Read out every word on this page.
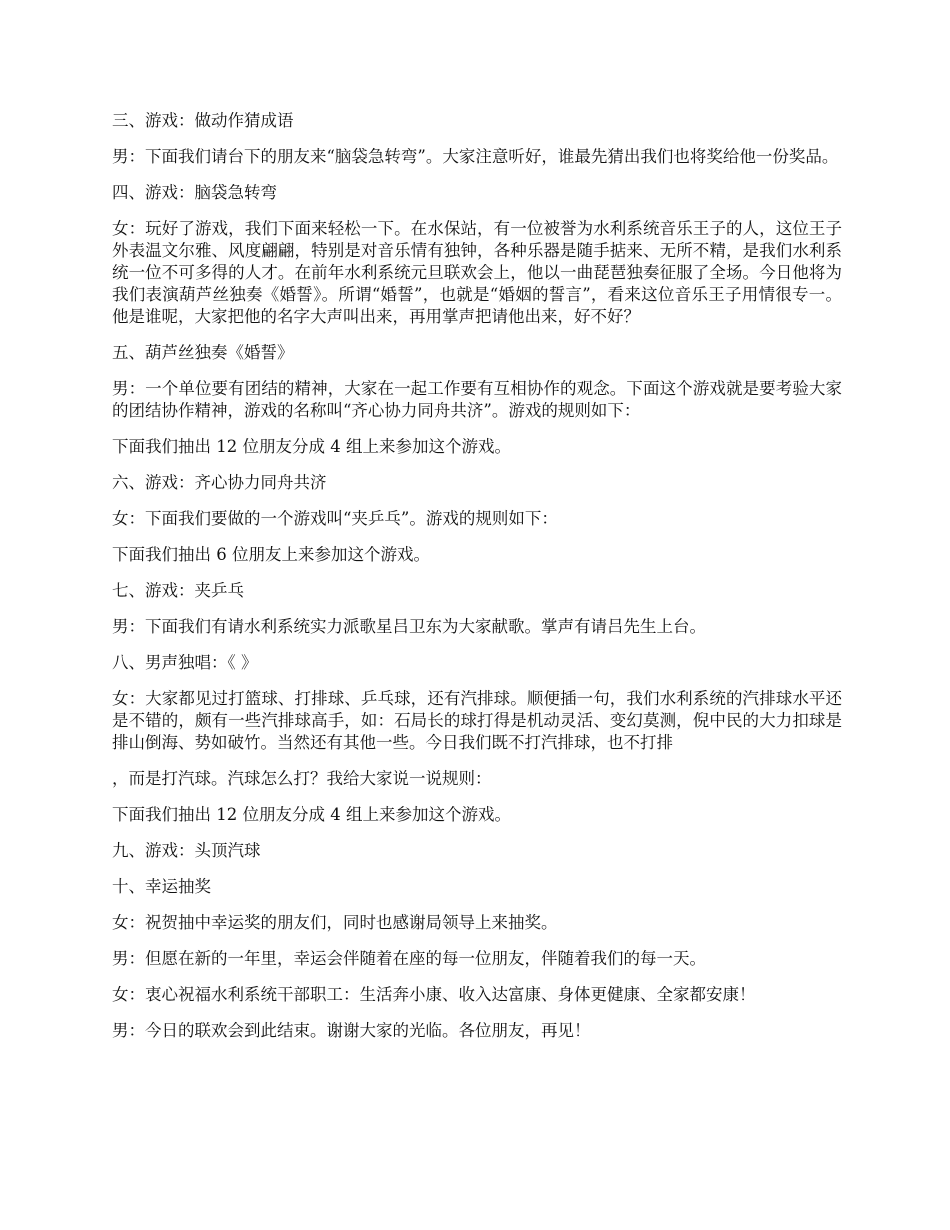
三、游戏：做动作猜成语

男：下面我们请台下的朋友来“脑袋急转弯”。大家注意听好，谁最先猜出我们也将奖给他一份奖品。

四、游戏：脑袋急转弯

女：玩好了游戏，我们下面来轻松一下。在水保站，有一位被誉为水利系统音乐王子的人，这位王子外表温文尔雅、风度翩翩，特别是对音乐情有独钟，各种乐器是随手掂来、无所不精，是我们水利系统一位不可多得的人才。在前年水利系统元旦联欢会上，他以一曲琵琶独奏征服了全场。今日他将为我们表演葫芦丝独奏《婚誓》。所谓“婚誓”，也就是“婚姻的誓言”，看来这位音乐王子用情很专一。他是谁呢，大家把他的名字大声叫出来，再用掌声把请他出来，好不好？

五、葫芦丝独奏《婚誓》

男：一个单位要有团结的精神，大家在一起工作要有互相协作的观念。下面这个游戏就是要考验大家的团结协作精神，游戏的名称叫“齐心协力同舟共济”。游戏的规则如下：

下面我们抽出 12 位朋友分成 4 组上来参加这个游戏。

六、游戏：齐心协力同舟共济

女：下面我们要做的一个游戏叫“夹乒乓”。游戏的规则如下：

下面我们抽出 6 位朋友上来参加这个游戏。

七、游戏：夹乒乓

男：下面我们有请水利系统实力派歌星吕卫东为大家献歌。掌声有请吕先生上台。

八、男声独唱：《 》

女：大家都见过打篮球、打排球、乒乓球，还有汽排球。顺便插一句，我们水利系统的汽排球水平还是不错的，颇有一些汽排球高手，如：石局长的球打得是机动灵活、变幻莫测，倪中民的大力扣球是排山倒海、势如破竹。当然还有其他一些。今日我们既不打汽排球，也不打排

，而是打汽球。汽球怎么打？我给大家说一说规则：

下面我们抽出 12 位朋友分成 4 组上来参加这个游戏。

九、游戏：头顶汽球

十、幸运抽奖

女：祝贺抽中幸运奖的朋友们，同时也感谢局领导上来抽奖。

男：但愿在新的一年里，幸运会伴随着在座的每一位朋友，伴随着我们的每一天。

女：衷心祝福水利系统干部职工：生活奔小康、收入达富康、身体更健康、全家都安康！

男：今日的联欢会到此结束。谢谢大家的光临。各位朋友，再见！
